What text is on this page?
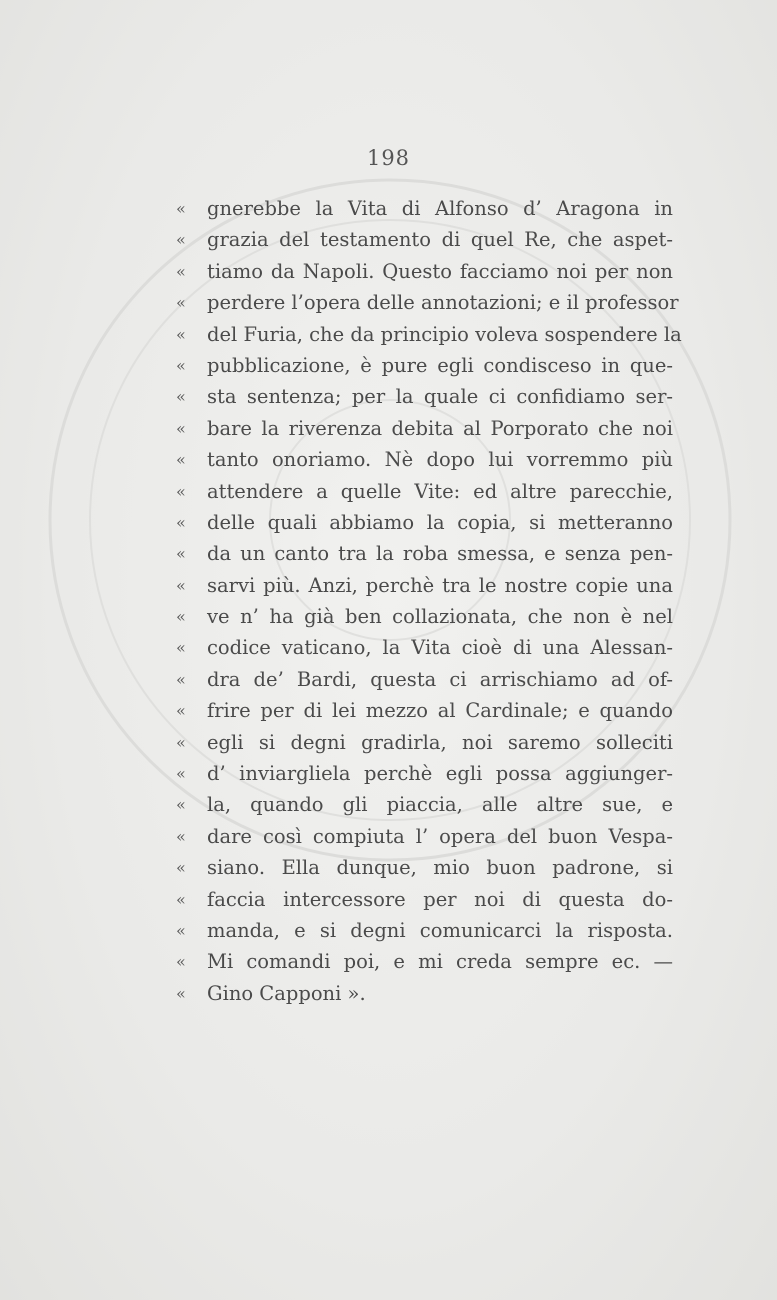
198
«	gnerebbe la Vita di Alfonso d’ Aragona in
«	grazia del testamento di quel Re, che aspet-
«	tiamo da Napoli. Questo facciamo noi per non
«	perdere l’opera delle annotazioni; e il professor
«	del Furia, che da principio voleva sospendere la
«	pubblicazione, è pure egli condisceso in que-
«	sta sentenza; per la quale ci confidiamo ser-
«	bare la riverenza debita al Porporato che noi
«	tanto onoriamo. Nè dopo lui vorremmo più
«	attendere a quelle Vite: ed altre parecchie,
«	delle quali abbiamo la copia, si metteranno
«	da un canto tra la roba smessa, e senza pen-
«	sarvi più. Anzi, perchè tra le nostre copie una
«	ve n’ ha già ben collazionata, che non è nel
«	codice vaticano, la Vita cioè di una Alessan-
«	dra de’ Bardi, questa ci arrischiamo ad of-
«	frire per di lei mezzo al Cardinale; e quando
«	egli si degni gradirla, noi saremo solleciti
«	d’ inviargliela perchè egli possa aggiunger-
«	la, quando gli piaccia, alle altre sue, e
«	dare così compiuta l’ opera del buon Vespa-
«	siano. Ella dunque, mio buon padrone, si
«	faccia intercessore per noi di questa do-
«	manda, e si degni comunicarci la risposta.
«	Mi comandi poi, e mi creda sempre ec. —
«	Gino Capponi ».
